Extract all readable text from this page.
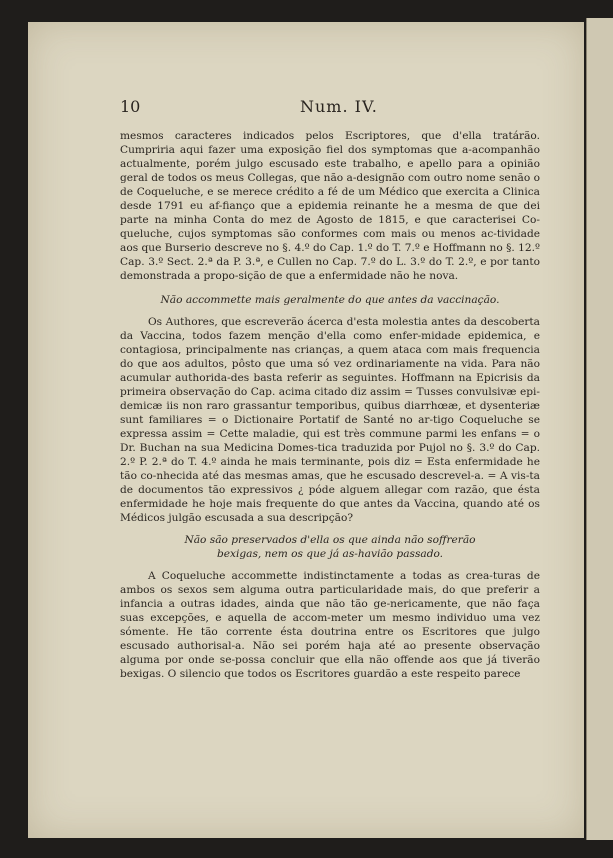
10	Num. IV.

mesmos caracteres indicados pelos Escriptores, que d'ella tratárão. Cumpriria aqui fazer uma exposição fiel dos symptomas que a-acompanhão actualmente, porém julgo escusado este trabalho, e apello para a opinião geral de todos os meus Collegas, que não a-designão com outro nome senão o de Coqueluche, e se merece crédito a fé de um Médico que exercita a Clinica desde 1791 eu af-fianço que a epidemia reinante he a mesma de que dei parte na minha Conta do mez de Agosto de 1815, e que caracterisei Co-queluche, cujos symptomas são conformes com mais ou menos ac-tividade aos que Burserio descreve no §. 4.º do Cap. 1.º do T. 7.º e Hoffmann no §. 12.º Cap. 3.º Sect. 2.ª da P. 3.ª, e Cullen no Cap. 7.º do L. 3.º do T. 2.º, e por tanto demonstrada a propo-sição de que a enfermidade não he nova.

Não accommette mais geralmente do que antes da vaccinação.

Os Authores, que escreverão ácerca d'esta molestia antes da descoberta da Vaccina, todos fazem menção d'ella como enfer-midade epidemica, e contagiosa, principalmente nas crianças, a quem ataca com mais frequencia do que aos adultos, pôsto que uma só vez ordinariamente na vida. Para não acumular authorida-des basta referir as seguintes. Hoffmann na Epicrisis da primeira observação do Cap. acima citado diz assim = Tusses convulsivæ epi-demicæ iis non raro grassantur temporibus, quibus diarrhœæ, et dysenteriæ sunt familiares = o Dictionaire Portatif de Santé no ar-tigo Coqueluche se expressa assim = Cette maladie, qui est très commune parmi les enfans = o Dr. Buchan na sua Medicina Domes-tica traduzida por Pujol no §. 3.º do Cap. 2.º P. 2.ª do T. 4.º ainda he mais terminante, pois diz = Esta enfermidade he tão co-nhecida até das mesmas amas, que he escusado descrevel-a. = A vis-ta de documentos tão expressivos ¿ póde alguem allegar com razão, que ésta enfermidade he hoje mais frequente do que antes da Vaccina, quando até os Médicos julgão escusada a sua descripção?

Não são preservados d'ella os que ainda não soffrerão
bexigas, nem os que já as-havião passado.

A Coqueluche accommette indistinctamente a todas as crea-turas de ambos os sexos sem alguma outra particularidade mais, do que preferir a infancia a outras idades, ainda que não tão ge-nericamente, que não faça suas excepções, e aquella de accom-meter um mesmo individuo uma vez sómente. He tão corrente ésta doutrina entre os Escritores que julgo escusado authorisal-a. Não sei porém haja até ao presente observação alguma por onde se-possa concluir que ella não offende aos que já tiverão bexigas. O silencio que todos os Escritores guardão a este respeito parece
